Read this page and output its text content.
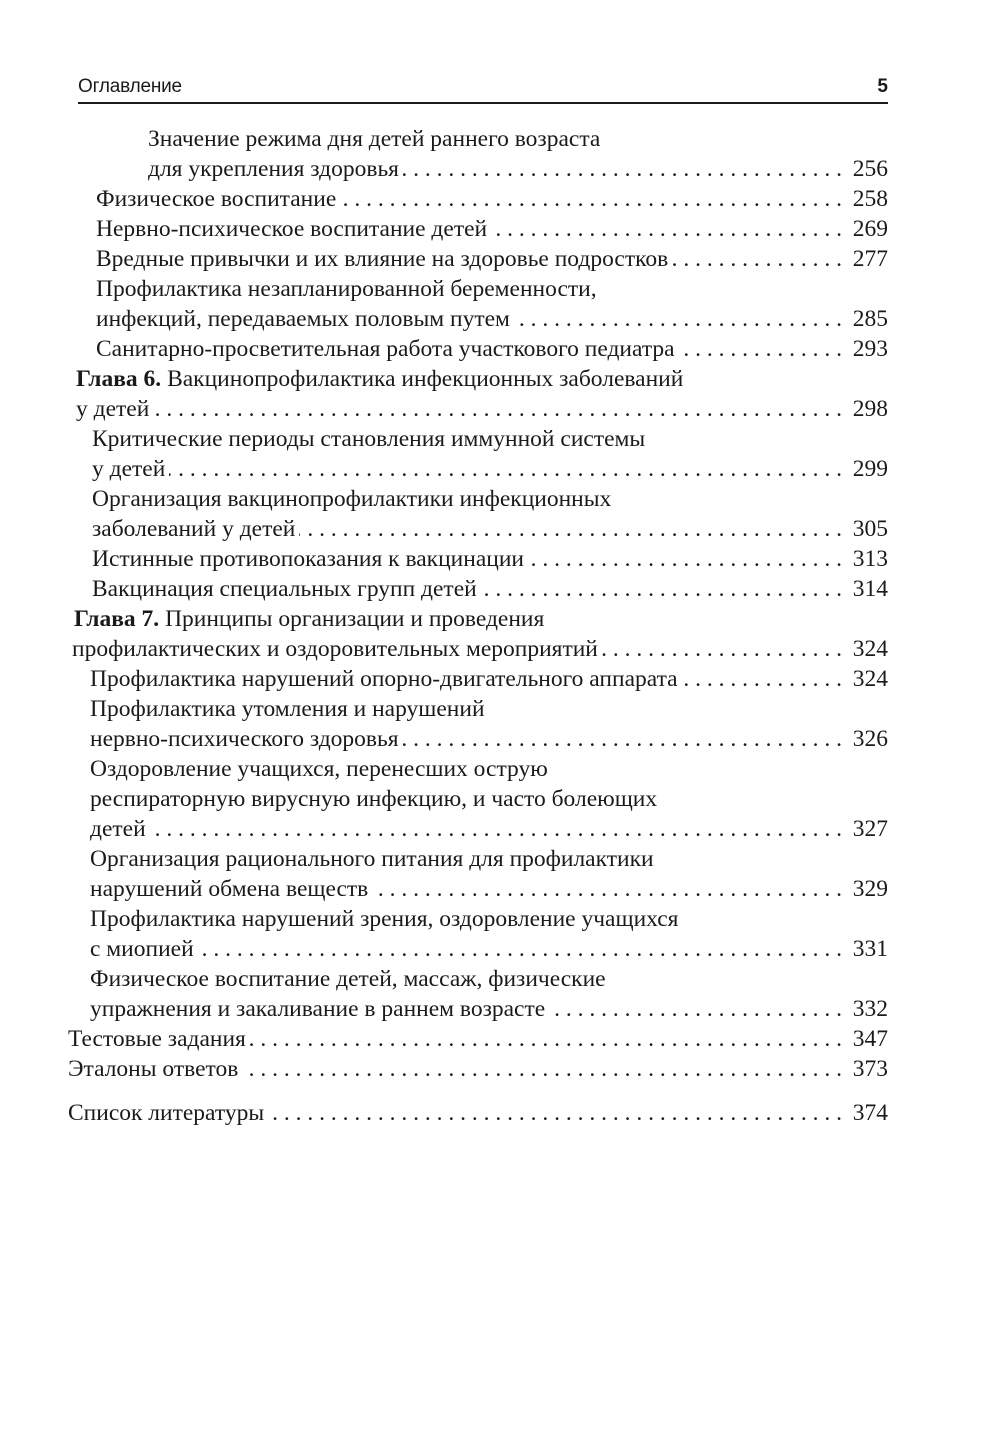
Оглавление	5
Значение режима дня детей раннего возраста
. . . для укрепления здоровья	256
. . . Физическое воспитание	258
. . . Нервно-психическое воспитание детей	269
. . . Вредные привычки и их влияние на здоровье подростков	277
Профилактика незапланированной беременности,
. . . инфекций, передаваемых половым путем	285
. . . Санитарно-просветительная работа участкового педиатра	293
Глава 6. Вакцинопрофилактика инфекционных заболеваний
. . . у детей	298
Критические периоды становления иммунной системы
. . . у детей	299
Организация вакцинопрофилактики инфекционных
. . . заболеваний у детей	305
. . . Истинные противопоказания к вакцинации	313
. . . Вакцинация специальных групп детей	314
Глава 7. Принципы организации и проведения
. . . профилактических и оздоровительных мероприятий	324
. . . Профилактика нарушений опорно-двигательного аппарата	324
Профилактика утомления и нарушений
. . . нервно-психического здоровья	326
Оздоровление учащихся, перенесших острую
респираторную вирусную инфекцию, и часто болеющих
. . . детей	327
Организация рационального питания для профилактики
. . . нарушений обмена веществ	329
Профилактика нарушений зрения, оздоровление учащихся
. . . с миопией	331
Физическое воспитание детей, массаж, физические
. . . упражнения и закаливание в раннем возрасте	332
. . . Тестовые задания	347
. . . Эталоны ответов	373
. . . Список литературы	374
